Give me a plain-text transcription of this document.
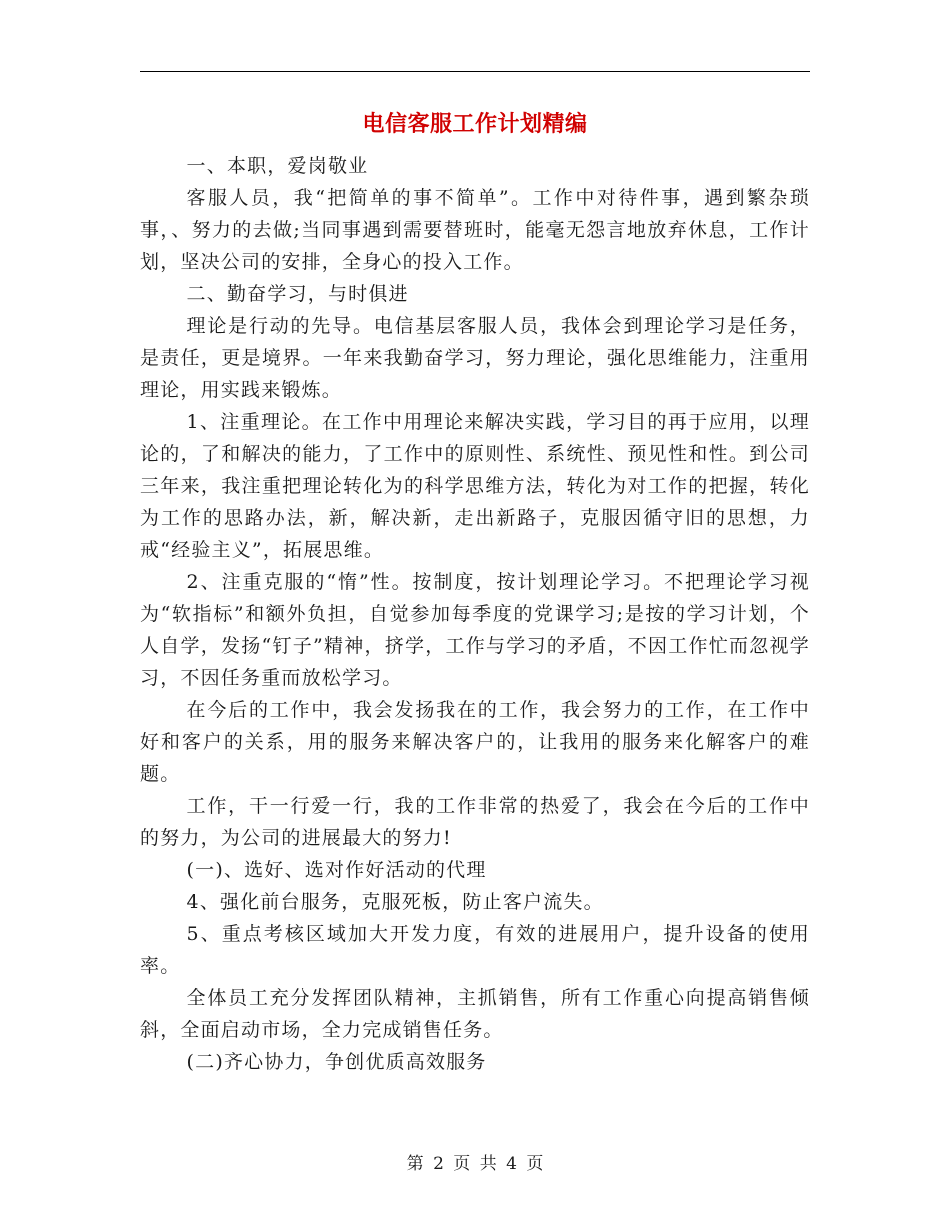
电信客服工作计划精编

一、本职，爱岗敬业

客服人员，我“把简单的事不简单”。工作中对待件事，遇到繁杂琐事，、努力的去做;当同事遇到需要替班时，能毫无怨言地放弃休息，工作计划，坚决公司的安排，全身心的投入工作。

二、勤奋学习，与时俱进

理论是行动的先导。电信基层客服人员，我体会到理论学习是任务，是责任，更是境界。一年来我勤奋学习，努力理论，强化思维能力，注重用理论，用实践来锻炼。

1、注重理论。在工作中用理论来解决实践，学习目的再于应用，以理论的，了和解决的能力，了工作中的原则性、系统性、预见性和性。到公司三年来，我注重把理论转化为的科学思维方法，转化为对工作的把握，转化为工作的思路办法，新，解决新，走出新路子，克服因循守旧的思想，力戒“经验主义”，拓展思维。

2、注重克服的“惰”性。按制度，按计划理论学习。不把理论学习视为“软指标”和额外负担，自觉参加每季度的党课学习;是按的学习计划，个人自学，发扬“钉子”精神，挤学，工作与学习的矛盾，不因工作忙而忽视学习，不因任务重而放松学习。

在今后的工作中，我会发扬我在的工作，我会努力的工作，在工作中好和客户的关系，用的服务来解决客户的，让我用的服务来化解客户的难题。

工作，干一行爱一行，我的工作非常的热爱了，我会在今后的工作中的努力，为公司的进展最大的努力!

(一)、选好、选对作好活动的代理

4、强化前台服务，克服死板，防止客户流失。

5、重点考核区域加大开发力度，有效的进展用户，提升设备的使用率。

全体员工充分发挥团队精神，主抓销售，所有工作重心向提高销售倾斜，全面启动市场，全力完成销售任务。

(二)齐心协力，争创优质高效服务

第 2 页 共 4 页
